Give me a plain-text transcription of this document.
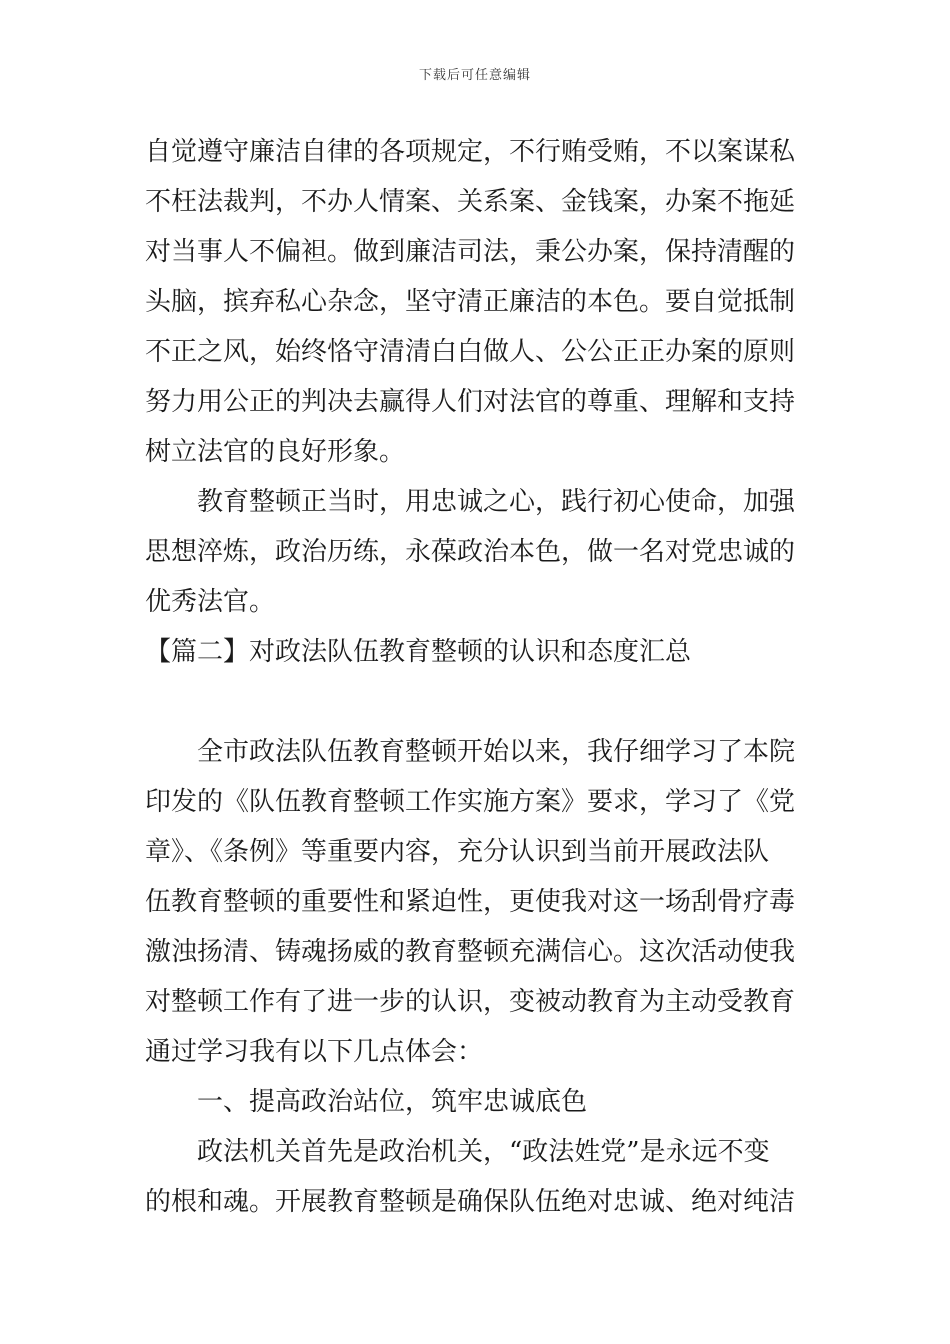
下载后可任意编辑
自觉遵守廉洁自律的各项规定，不行贿受贿，不以案谋私
不枉法裁判，不办人情案、关系案、金钱案，办案不拖延
对当事人不偏袒。做到廉洁司法，秉公办案，保持清醒的
头脑，摈弃私心杂念，坚守清正廉洁的本色。要自觉抵制
不正之风，始终恪守清清白白做人、公公正正办案的原则
努力用公正的判决去赢得人们对法官的尊重、理解和支持
树立法官的良好形象。
教育整顿正当时，用忠诚之心，践行初心使命，加强
思想淬炼，政治历练，永葆政治本色，做一名对党忠诚的
优秀法官。
【篇二】对政法队伍教育整顿的认识和态度汇总
全市政法队伍教育整顿开始以来，我仔细学习了本院
印发的《队伍教育整顿工作实施方案》要求，学习了《党
章》、《条例》等重要内容，充分认识到当前开展政法队
伍教育整顿的重要性和紧迫性，更使我对这一场刮骨疗毒
激浊扬清、铸魂扬威的教育整顿充满信心。这次活动使我
对整顿工作有了进一步的认识，变被动教育为主动受教育
通过学习我有以下几点体会：
一、提高政治站位，筑牢忠诚底色
政法机关首先是政治机关，“政法姓党”是永远不变
的根和魂。开展教育整顿是确保队伍绝对忠诚、绝对纯洁
